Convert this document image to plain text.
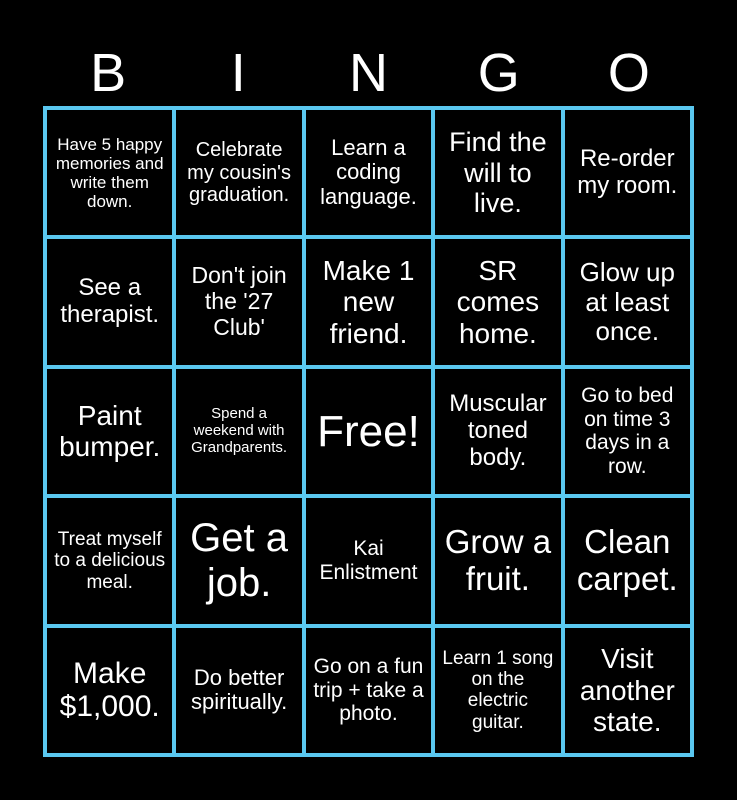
B	I	N	G	O
Have 5 happy memories and write them down.
Celebrate my cousin's graduation.
Learn a coding language.
Find the will to live.
Re-order my room.
See a therapist.
Don't join the '27 Club'
Make 1 new friend.
SR comes home.
Glow up at least once.
Paint bumper.
Spend a weekend with Grandparents. Free!
Muscular toned body.
Go to bed on time 3 days in a row.
Treat myself to a delicious meal.
Get a job.
Kai Enlistment
Grow a fruit.
Clean carpet.
Make $1,000.
Do better spiritually.
Go on a fun trip + take a photo.
Learn 1 song on the electric guitar.
Visit another state.
